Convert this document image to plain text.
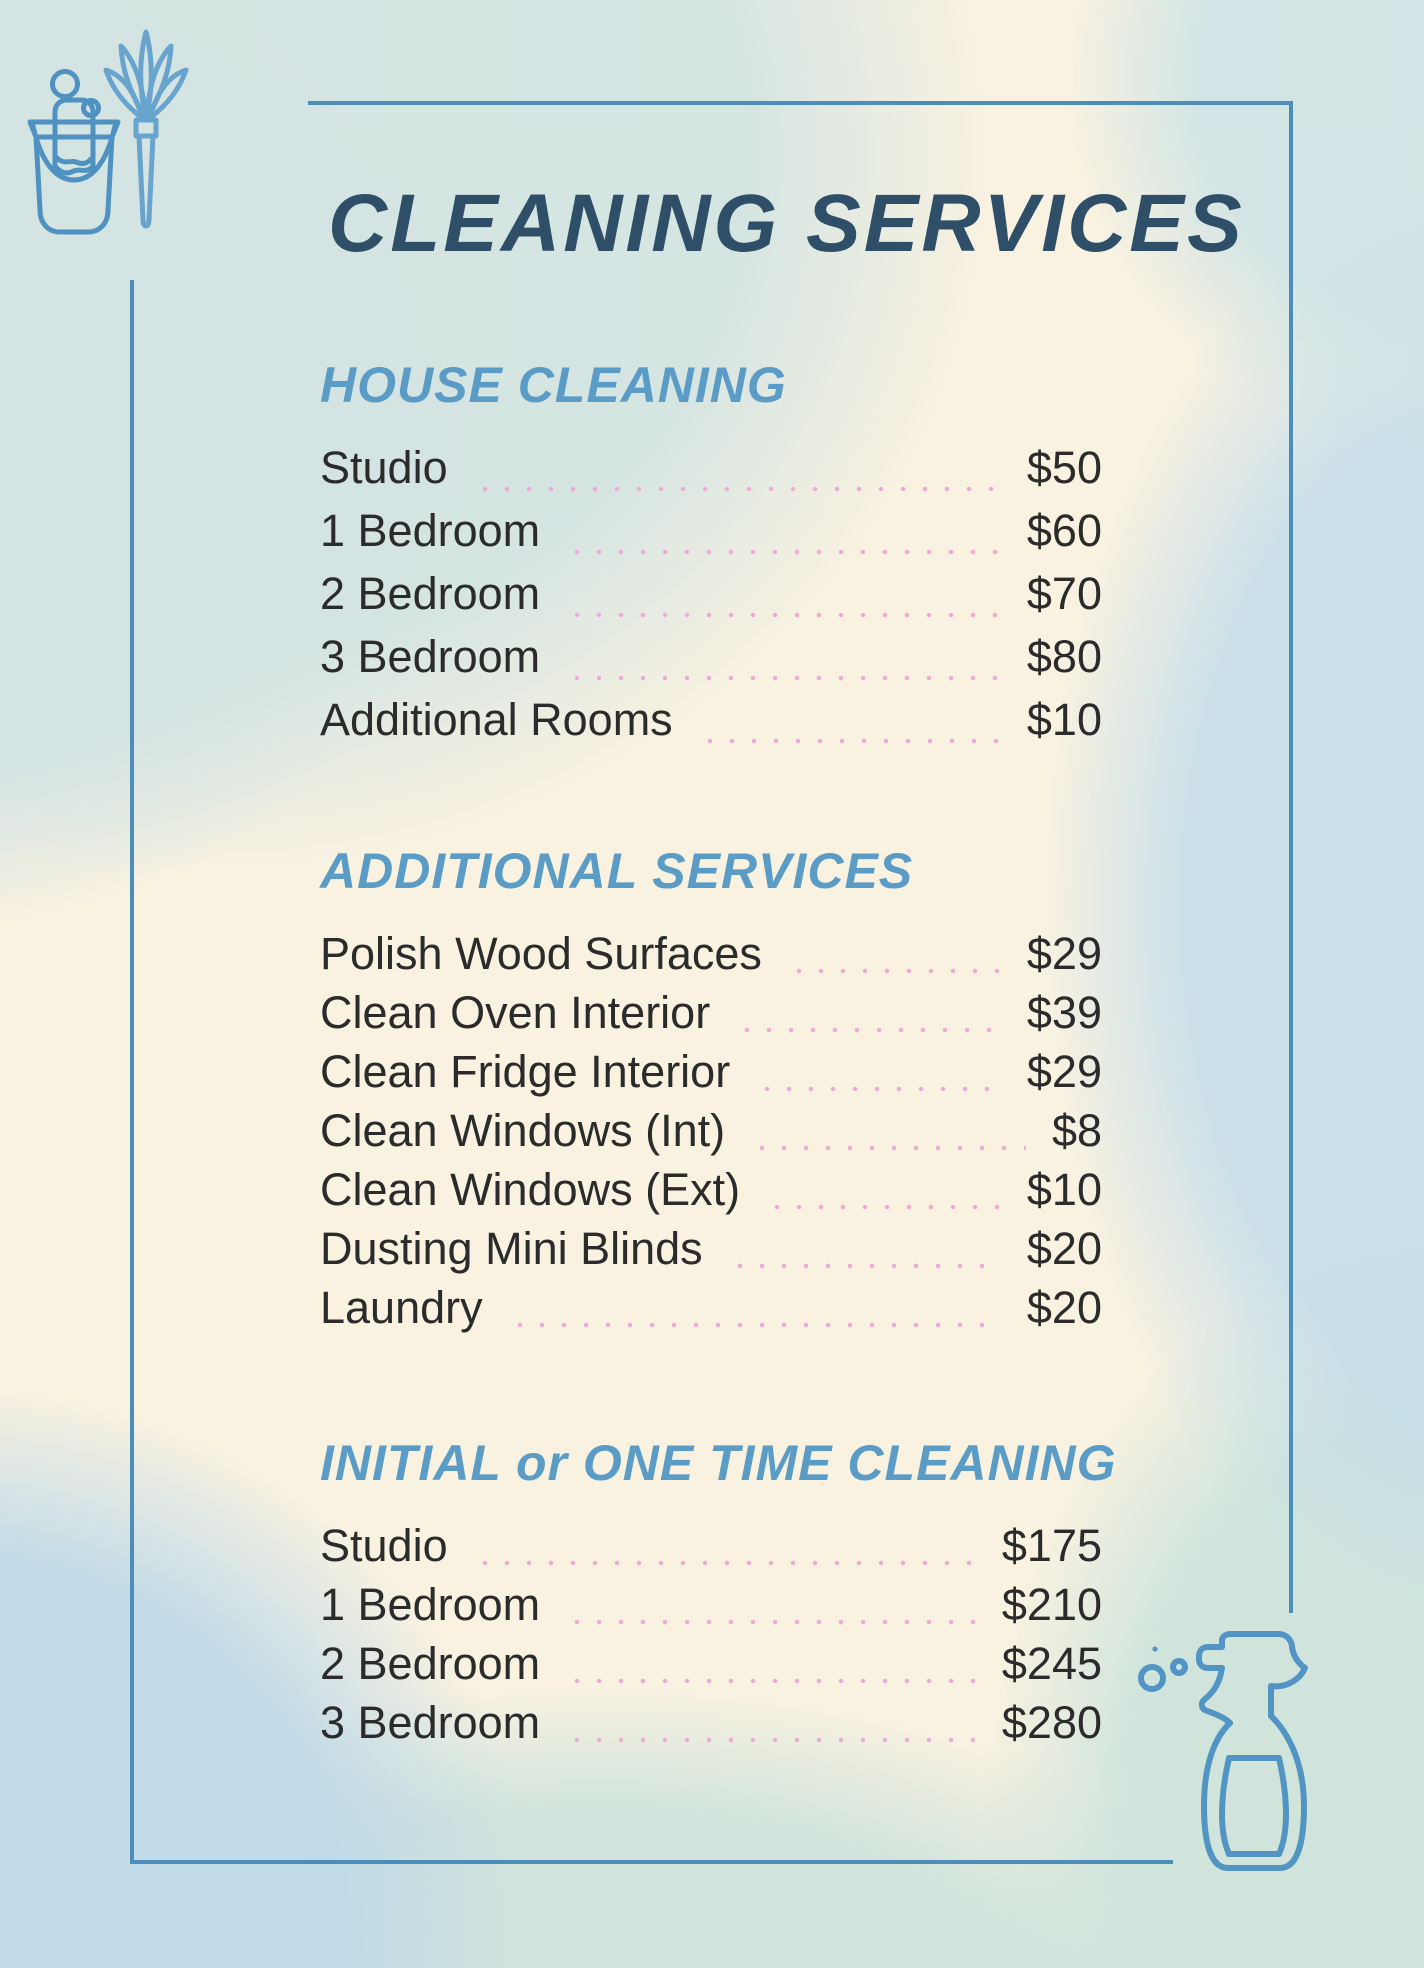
CLEANING SERVICES
HOUSE CLEANING
Studio	$50
1 Bedroom	$60
2 Bedroom	$70
3 Bedroom	$80
Additional Rooms	$10
ADDITIONAL SERVICES
Polish Wood Surfaces	$29
Clean Oven Interior	$39
Clean Fridge Interior	$29
Clean Windows (Int)	$8
Clean Windows (Ext)	$10
Dusting Mini Blinds	$20
Laundry	$20
INITIAL or ONE TIME CLEANING
Studio	$175
1 Bedroom	$210
2 Bedroom	$245
3 Bedroom	$280
